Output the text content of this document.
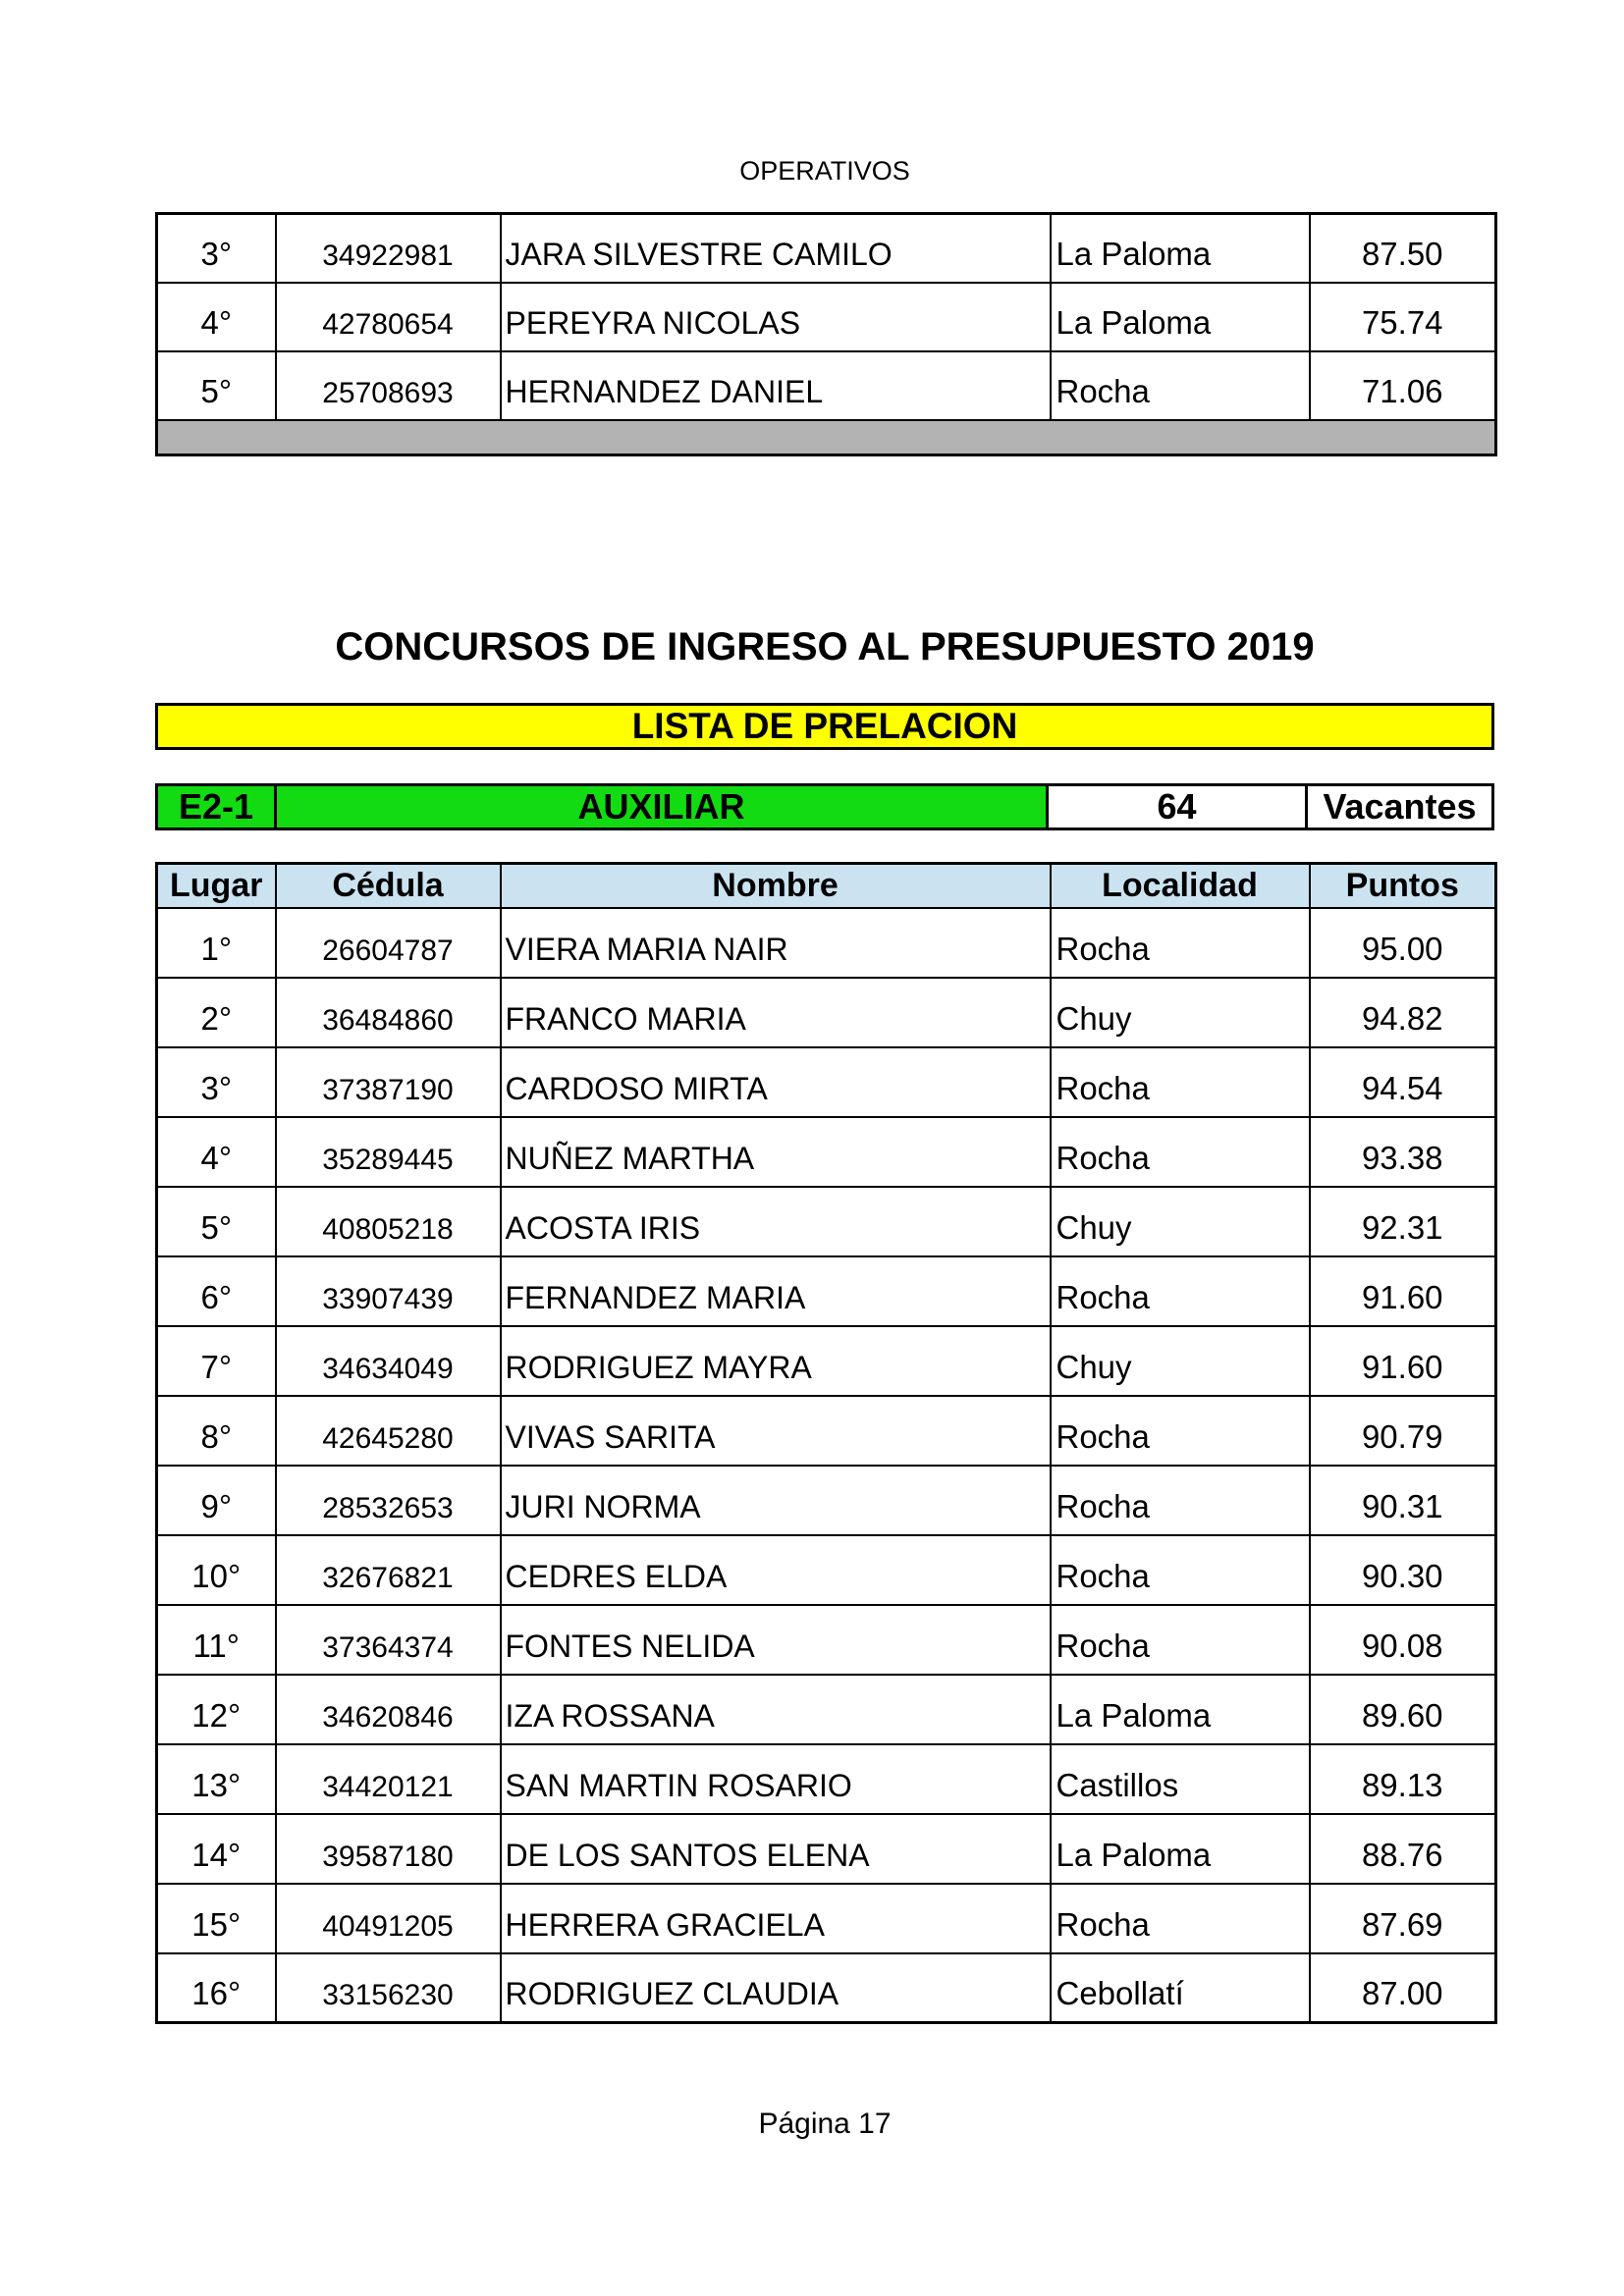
OPERATIVOS
3°	34922981	JARA SILVESTRE CAMILO	La Paloma	87.50
4°	42780654	PEREYRA NICOLAS	La Paloma	75.74
5°	25708693	HERNANDEZ DANIEL	Rocha	71.06

CONCURSOS DE INGRESO AL PRESUPUESTO 2019
LISTA DE PRELACION
E2-1	AUXILIAR	64	Vacantes
Lugar	Cédula	Nombre	Localidad	Puntos
1°	26604787	VIERA MARIA NAIR	Rocha	95.00
2°	36484860	FRANCO MARIA	Chuy	94.82
3°	37387190	CARDOSO MIRTA	Rocha	94.54
4°	35289445	NUÑEZ MARTHA	Rocha	93.38
5°	40805218	ACOSTA IRIS	Chuy	92.31
6°	33907439	FERNANDEZ MARIA	Rocha	91.60
7°	34634049	RODRIGUEZ MAYRA	Chuy	91.60
8°	42645280	VIVAS SARITA	Rocha	90.79
9°	28532653	JURI NORMA	Rocha	90.31
10°	32676821	CEDRES ELDA	Rocha	90.30
11°	37364374	FONTES NELIDA	Rocha	90.08
12°	34620846	IZA ROSSANA	La Paloma	89.60
13°	34420121	SAN MARTIN ROSARIO	Castillos	89.13
14°	39587180	DE LOS SANTOS ELENA	La Paloma	88.76
15°	40491205	HERRERA GRACIELA	Rocha	87.69
16°	33156230	RODRIGUEZ CLAUDIA	Cebollatí	87.00
Página 17
